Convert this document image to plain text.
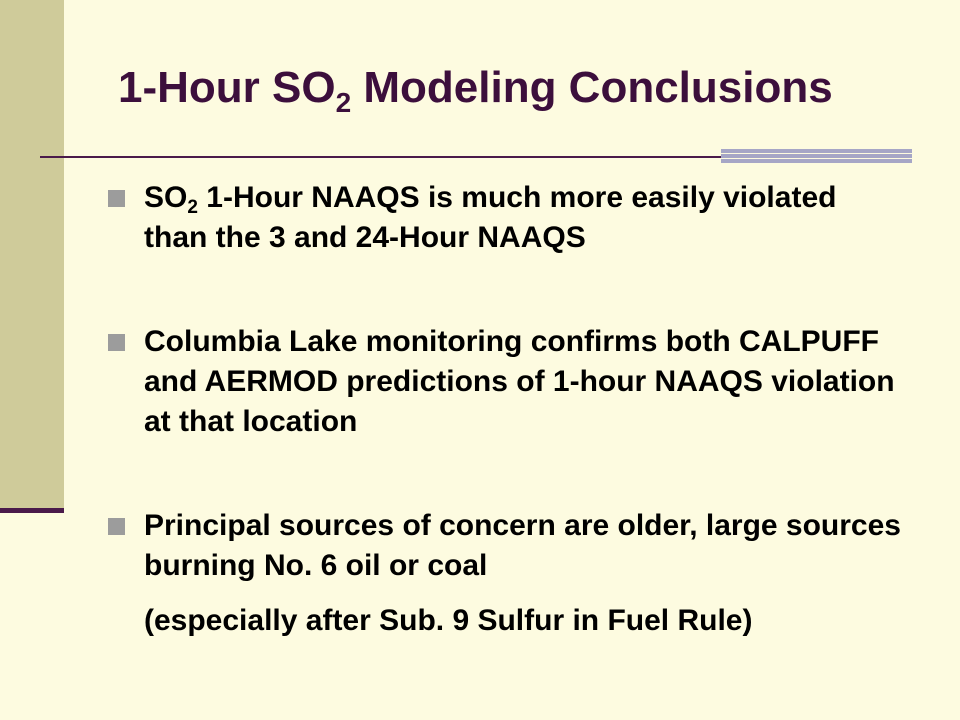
1-Hour $SO_2$ Modeling Conclusions
$SO_2$ 1-Hour NAAQS is much more easily violated than the 3 and 24-Hour NAAQS
Columbia Lake monitoring confirms both CALPUFF and AERMOD predictions of 1-hour NAAQS violation at that location
Principal sources of concern are older, large sources burning No. 6 oil or coal
(especially after Sub. 9 Sulfur in Fuel Rule)
